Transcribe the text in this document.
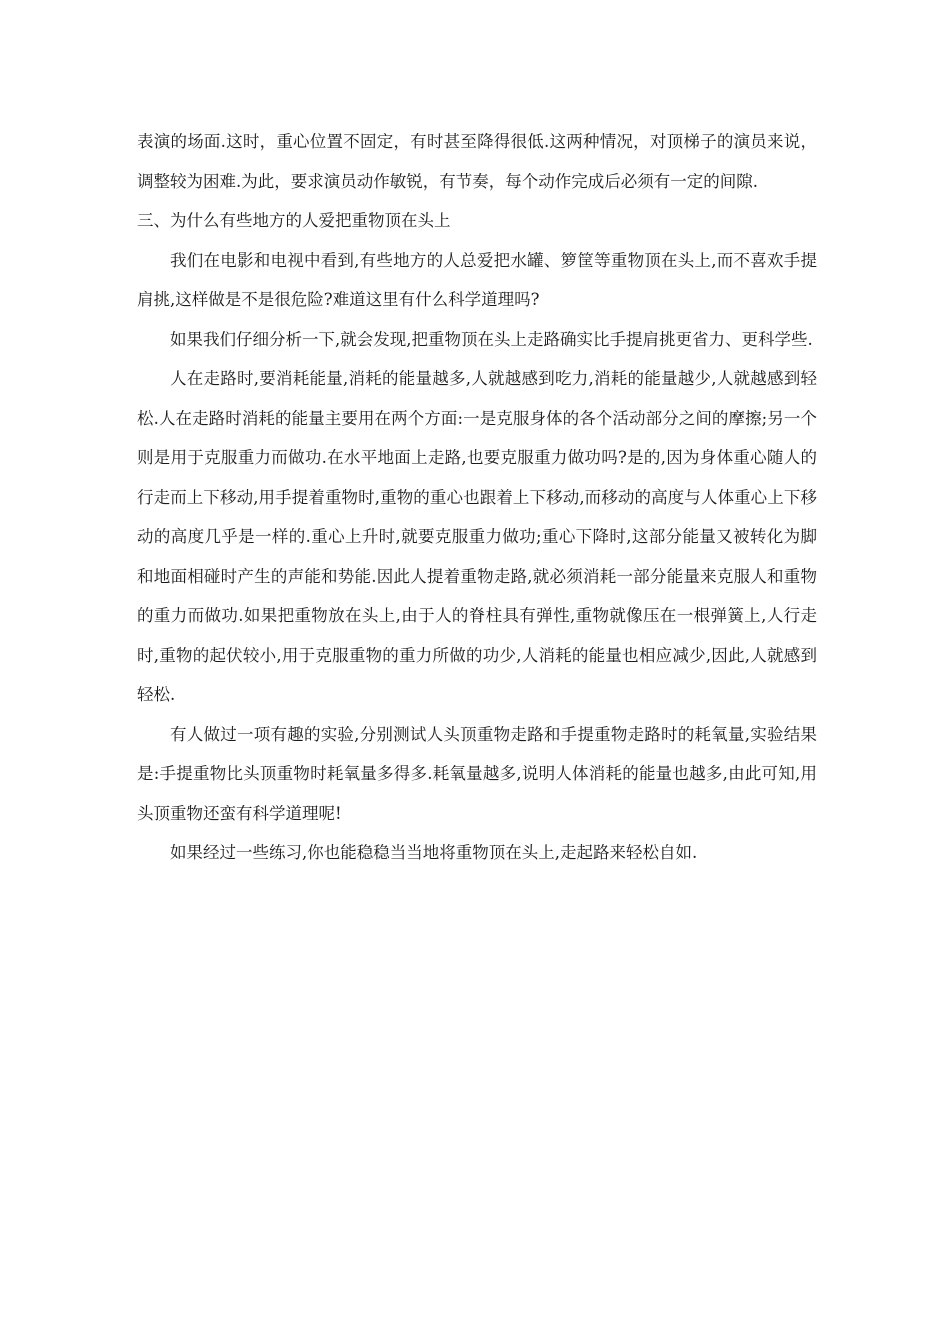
表演的场面.这时，重心位置不固定，有时甚至降得很低.这两种情况，对顶梯子的演员来说，调整较为困难.为此，要求演员动作敏锐，有节奏，每个动作完成后必须有一定的间隙.

三、为什么有些地方的人爱把重物顶在头上

我们在电影和电视中看到,有些地方的人总爱把水罐、箩筐等重物顶在头上,而不喜欢手提肩挑,这样做是不是很危险?难道这里有什么科学道理吗?

如果我们仔细分析一下,就会发现,把重物顶在头上走路确实比手提肩挑更省力、更科学些.

人在走路时,要消耗能量,消耗的能量越多,人就越感到吃力,消耗的能量越少,人就越感到轻松.人在走路时消耗的能量主要用在两个方面:一是克服身体的各个活动部分之间的摩擦;另一个则是用于克服重力而做功.在水平地面上走路,也要克服重力做功吗?是的,因为身体重心随人的行走而上下移动,用手提着重物时,重物的重心也跟着上下移动,而移动的高度与人体重心上下移动的高度几乎是一样的.重心上升时,就要克服重力做功;重心下降时,这部分能量又被转化为脚和地面相碰时产生的声能和势能.因此人提着重物走路,就必须消耗一部分能量来克服人和重物的重力而做功.如果把重物放在头上,由于人的脊柱具有弹性,重物就像压在一根弹簧上,人行走时,重物的起伏较小,用于克服重物的重力所做的功少,人消耗的能量也相应减少,因此,人就感到轻松.

有人做过一项有趣的实验,分别测试人头顶重物走路和手提重物走路时的耗氧量,实验结果是:手提重物比头顶重物时耗氧量多得多.耗氧量越多,说明人体消耗的能量也越多,由此可知,用头顶重物还蛮有科学道理呢!

如果经过一些练习,你也能稳稳当当地将重物顶在头上,走起路来轻松自如.
